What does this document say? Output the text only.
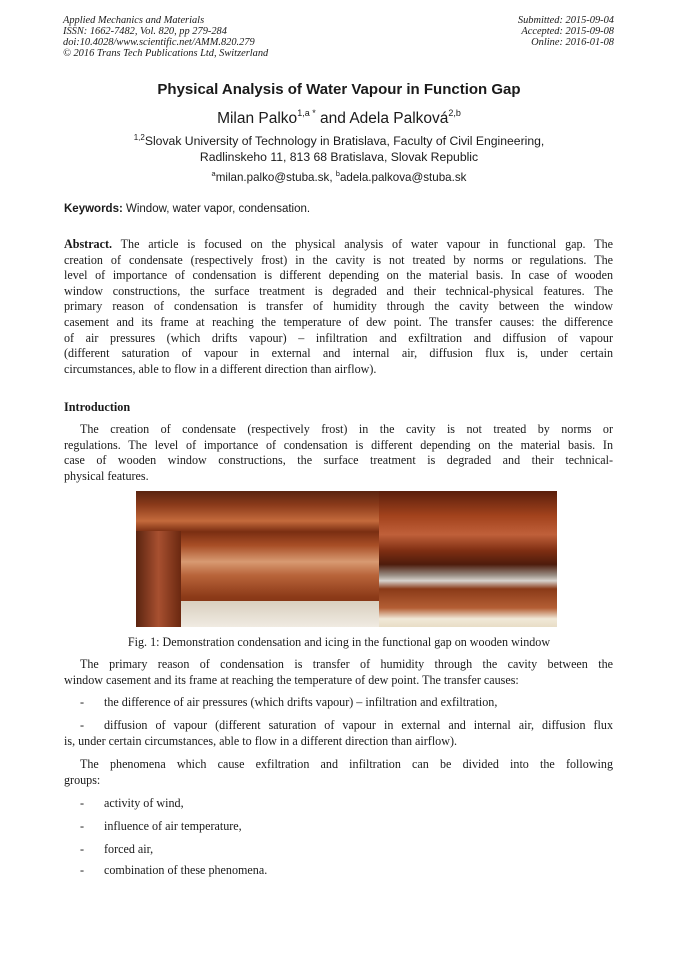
Applied Mechanics and Materials
ISSN: 1662-7482, Vol. 820, pp 279-284
doi:10.4028/www.scientific.net/AMM.820.279
© 2016 Trans Tech Publications Ltd, Switzerland
Submitted: 2015-09-04
Accepted: 2015-09-08
Online: 2016-01-08
Physical Analysis of Water Vapour in Function Gap
Milan Palko$^{1,a *}$ and Adela Palková$^{2,b}$
$^{1,2}$Slovak University of Technology in Bratislava, Faculty of Civil Engineering,
Radlinskeho 11, 813 68 Bratislava, Slovak Republic
$^a$milan.palko@stuba.sk, $^b$adela.palkova@stuba.sk
Keywords: Window, water vapor, condensation.
Abstract. The article is focused on the physical analysis of water vapour in functional gap. The
creation of condensate (respectively frost) in the cavity is not treated by norms or regulations. The
level of importance of condensation is different depending on the material basis. In case of wooden
window constructions, the surface treatment is degraded and their technical-physical features. The
primary reason of condensation is transfer of humidity through the cavity between the window
casement and its frame at reaching the temperature of dew point. The transfer causes: the difference
of air pressures (which drifts vapour) – infiltration and exfiltration and diffusion of vapour
(different saturation of vapour in external and internal air, diffusion flux is, under certain
circumstances, able to flow in a different direction than airflow).
Introduction
The creation of condensate (respectively frost) in the cavity is not treated by norms or
regulations. The level of importance of condensation is different depending on the material basis. In
case of wooden window constructions, the surface treatment is degraded and their technical-
physical features.
Fig. 1: Demonstration condensation and icing in the functional gap on wooden window
The primary reason of condensation is transfer of humidity through the cavity between the
window casement and its frame at reaching the temperature of dew point. The transfer causes:
- the difference of air pressures (which drifts vapour) – infiltration and exfiltration,
- diffusion of vapour (different saturation of vapour in external and internal air, diffusion flux
is, under certain circumstances, able to flow in a different direction than airflow).
The phenomena which cause exfiltration and infiltration can be divided into the following
groups:
- activity of wind,
- influence of air temperature,
- forced air,
- combination of these phenomena.
